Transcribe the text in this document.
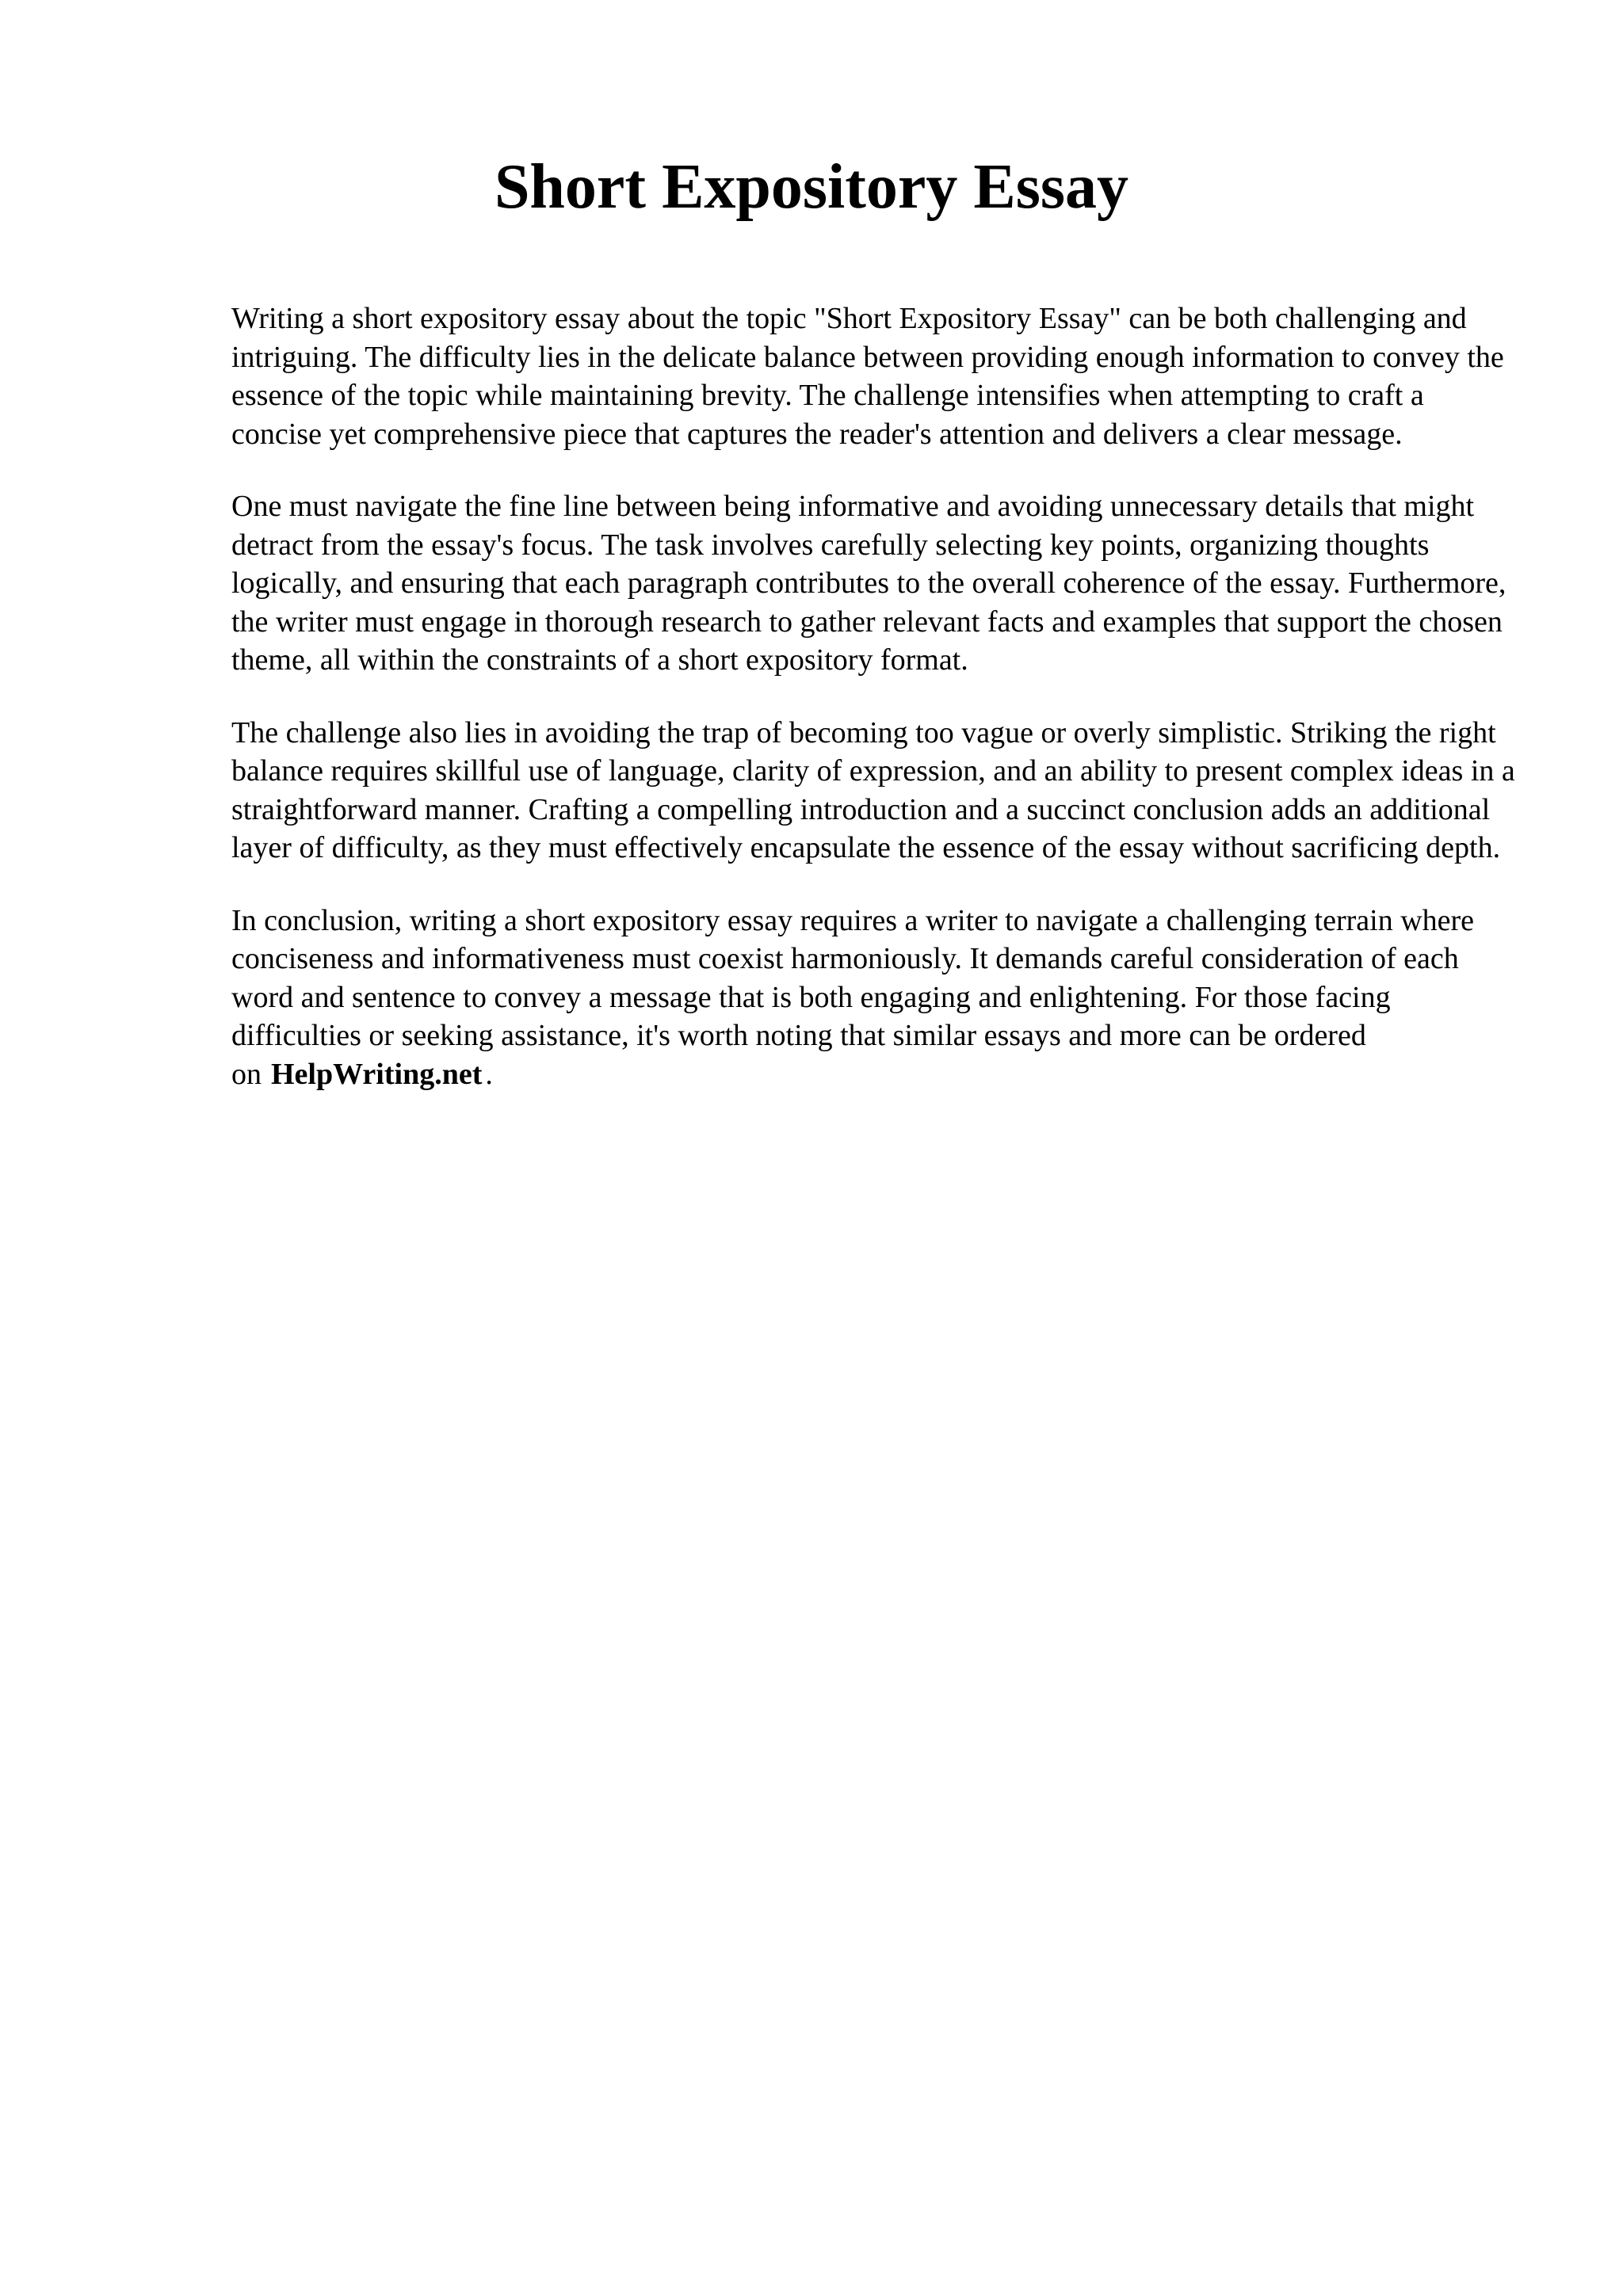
Short Expository Essay

Writing a short expository essay about the topic "Short Expository Essay" can be both challenging and intriguing. The difficulty lies in the delicate balance between providing enough information to convey the essence of the topic while maintaining brevity. The challenge intensifies when attempting to craft a concise yet comprehensive piece that captures the reader's attention and delivers a clear message.

One must navigate the fine line between being informative and avoiding unnecessary details that might detract from the essay's focus. The task involves carefully selecting key points, organizing thoughts logically, and ensuring that each paragraph contributes to the overall coherence of the essay. Furthermore, the writer must engage in thorough research to gather relevant facts and examples that support the chosen theme, all within the constraints of a short expository format.

The challenge also lies in avoiding the trap of becoming too vague or overly simplistic. Striking the right balance requires skillful use of language, clarity of expression, and an ability to present complex ideas in a straightforward manner. Crafting a compelling introduction and a succinct conclusion adds an additional layer of difficulty, as they must effectively encapsulate the essence of the essay without sacrificing depth.

In conclusion, writing a short expository essay requires a writer to navigate a challenging terrain where conciseness and informativeness must coexist harmoniously. It demands careful consideration of each word and sentence to convey a message that is both engaging and enlightening. For those facing difficulties or seeking assistance, it's worth noting that similar essays and more can be ordered on HelpWriting.net .
